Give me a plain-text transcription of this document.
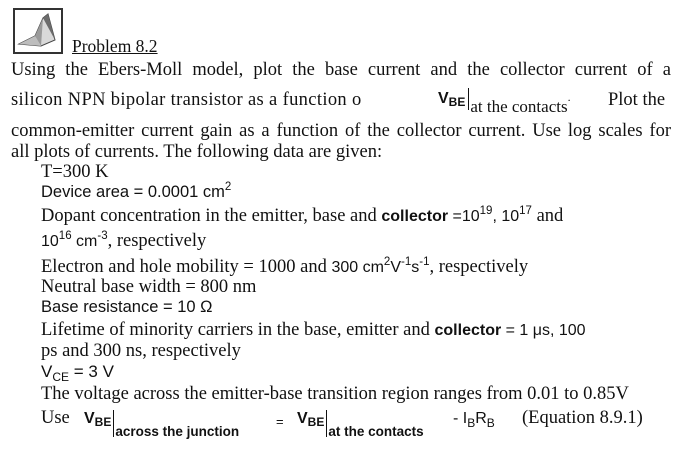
Problem 8.2
Using the Ebers-Moll model, plot the base current and the collector current of a
silicon NPN bipolar transistor as a function o	VBE at the contacts. Plot the
common-emitter current gain as a function of the collector current. Use log scales for
all plots of currents. The following data are given:
T=300 K
Device area = 0.0001 $cm^2$
Dopant concentration in the emitter, base and collector $=10^{19}$, $10^{17}$ and
$10^{16}$ $cm^{-3}$, respectively
Electron and hole mobility = 1000 and 300 $cm^2V^{-1}s^{-1}$, respectively
Neutral base width = 800 nm
Base resistance = 10 Ω
Lifetime of minority carriers in the base, emitter and collector = 1 μs, 100
ps and 300 ns, respectively
$V_{CE} = 3$ V
The voltage across the emitter-base transition region ranges from 0.01 to 0.85V
Use $VBE_{across the junction}$
= $VBE_{at the contacts}$
- $I_BR_B$ (Equation 8.9.1)
